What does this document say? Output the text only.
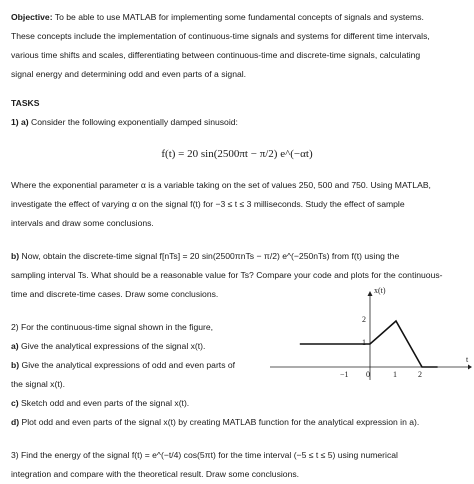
Objective: To be able to use MATLAB for implementing some fundamental concepts of signals and systems.

These concepts include the implementation of continuous-time signals and systems for different time intervals,

various time shifts and scales, differentiating between continuous-time and discrete-time signals, calculating

signal energy and determining odd and even parts of a signal.

TASKS

1) a) Consider the following exponentially damped sinusoid:

f(t) = 20 sin(2500πt − π/2) e^(−αt)

Where the exponential parameter α is a variable taking on the set of values 250, 500 and 750. Using MATLAB,

investigate the effect of varying α on the signal f(t) for −3 ≤ t ≤ 3 milliseconds. Study the effect of sample

intervals and draw some conclusions.

b) Now, obtain the discrete-time signal f[nTs] = 20 sin(2500πnTs − π/2) e^(−250nTs) from f(t) using the

sampling interval Ts. What should be a reasonable value for Ts? Compare your code and plots for the continuous-

time and discrete-time cases. Draw some conclusions.

2) For the continuous-time signal shown in the figure,

a) Give the analytical expressions of the signal x(t).

b) Give the analytical expressions of odd and even parts of

the signal x(t).

c) Sketch odd and even parts of the signal x(t).

d) Plot odd and even parts of the signal x(t) by creating MATLAB function for the analytical expression in a).

3) Find the energy of the signal f(t) = e^(−t/4) cos(5πt) for the time interval (−5 ≤ t ≤ 5) using numerical

integration and compare with the theoretical result. Draw some conclusions.

x(t)
t
2
1
−1 0	1	2
